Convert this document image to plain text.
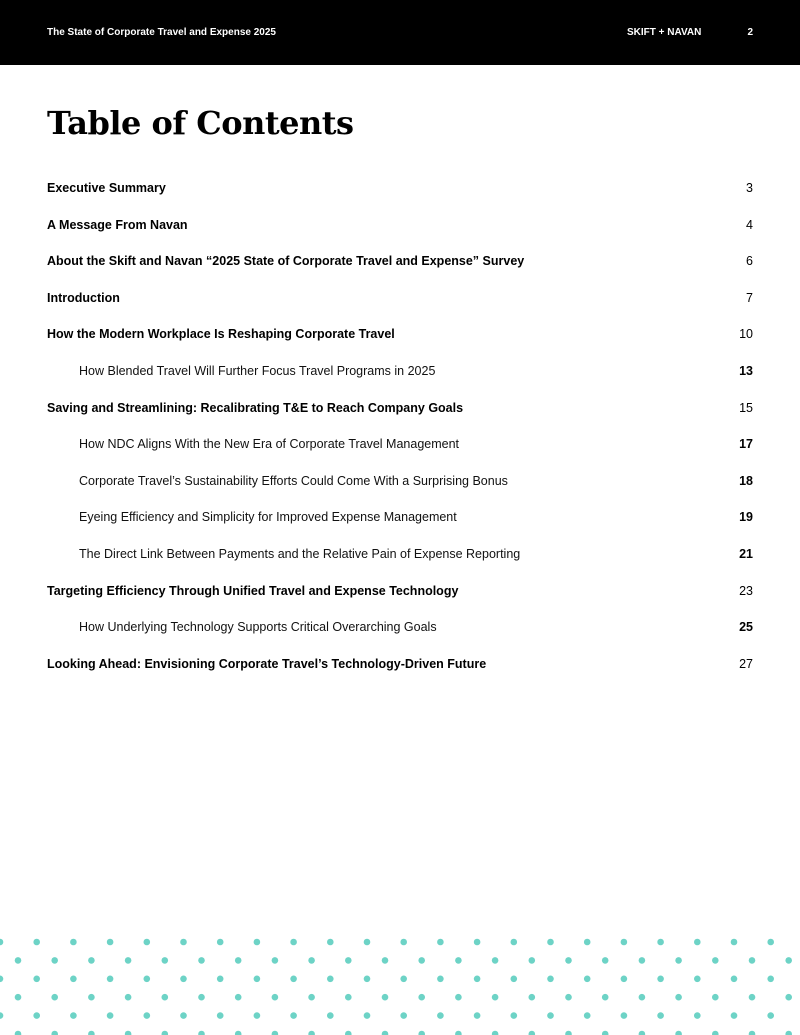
The State of Corporate Travel and Expense 2025	SKIFT + NAVAN	2
Table of Contents
Executive Summary	3
A Message From Navan	4
About the Skift and Navan “2025 State of Corporate Travel and Expense” Survey	6
Introduction	7
How the Modern Workplace Is Reshaping Corporate Travel	10
How Blended Travel Will Further Focus Travel Programs in 2025	13
Saving and Streamlining: Recalibrating T&E to Reach Company Goals	15
How NDC Aligns With the New Era of Corporate Travel Management	17
Corporate Travel’s Sustainability Efforts Could Come With a Surprising Bonus	18
Eyeing Efficiency and Simplicity for Improved Expense Management	19
The Direct Link Between Payments and the Relative Pain of Expense Reporting	21
Targeting Efficiency Through Unified Travel and Expense Technology	23
How Underlying Technology Supports Critical Overarching Goals	25
Looking Ahead: Envisioning Corporate Travel’s Technology-Driven Future	27
